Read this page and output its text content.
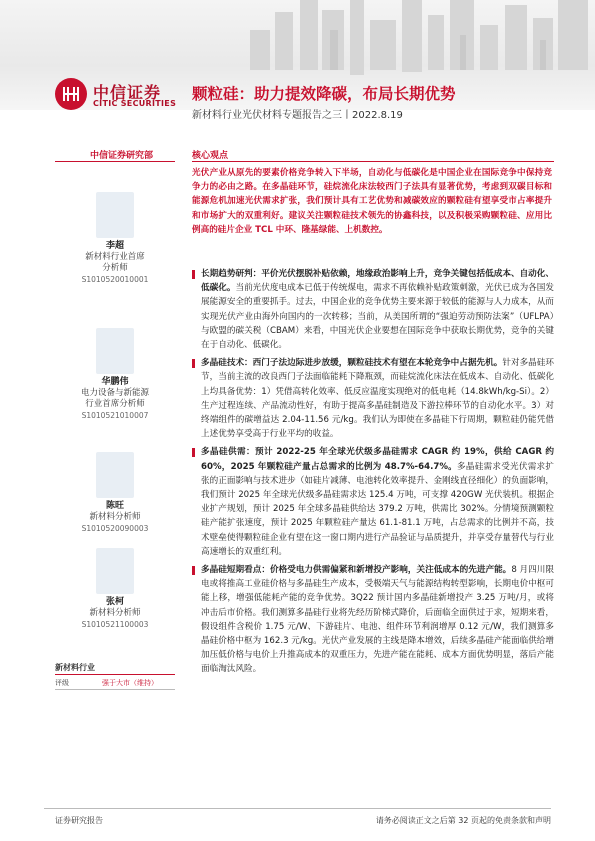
中信证券
CITIC SECURITIES
颗粒硅：助力提效降碳，布局长期优势
新材料行业光伏材料专题报告之三丨2022.8.19
中信证券研究部	核心观点
李超
新材料行业首席
分析师
S1010520010001
华鹏伟
电力设备与新能源
行业首席分析师
S1010521010007
陈旺
新材料分析师
S1010520090003
张柯
新材料分析师
S1010521100003
新材料行业
评级	强于大市（维持）
光伏产业从原先的要素价格竞争转入下半场，自动化与低碳化是中国企业在国际竞争中保持竞争力的必由之路。在多晶硅环节，硅烷流化床法较西门子法具有显著优势，考虑到双碳目标和能源危机加速光伏需求扩张，我们预计具有工艺优势和减碳效应的颗粒硅有望享受市占率提升和市场扩大的双重利好。建议关注颗粒硅技术领先的协鑫科技，以及积极采购颗粒硅、应用比例高的硅片企业 TCL 中环、隆基绿能、上机数控。
长期趋势研判：平价光伏摆脱补贴依赖，地缘政治影响上升，竞争关键包括低成本、自动化、低碳化。当前光伏度电成本已低于传统煤电，需求不再依赖补贴政策刺激，光伏已成为各国发展能源安全的重要抓手。过去，中国企业的竞争优势主要来源于较低的能源与人力成本，从而实现光伏产业由海外向国内的一次转移；当前，从美国所谓的“强迫劳动预防法案”（UFLPA）与欧盟的碳关税（CBAM）来看，中国光伏企业要想在国际竞争中获取长期优势，竞争的关键在于自动化、低碳化。
多晶硅技术：西门子法边际进步放缓，颗粒硅技术有望在本轮竞争中占据先机。针对多晶硅环节，当前主流的改良西门子法面临能耗下降瓶颈，而硅烷流化床法在低成本、自动化、低碳化上均具备优势：1）凭借高转化效率、低反应温度实现绝对的低电耗（14.8kWh/kg-Si）。2）生产过程连续、产品流动性好，有助于提高多晶硅制造及下游拉棒环节的自动化水平。3）对终端组件的碳增益达 2.04-11.56 元/kg。我们认为即使在多晶硅下行周期，颗粒硅仍能凭借上述优势享受高于行业平均的收益。
多晶硅供需：预计 2022-25 年全球光伏级多晶硅需求 CAGR 约 19%，供给 CAGR 约 60%，2025 年颗粒硅产量占总需求的比例为 48.7%-64.7%。多晶硅需求受光伏需求扩张的正面影响与技术进步（如硅片减薄、电池转化效率提升、金刚线直径细化）的负面影响，我们预计 2025 年全球光伏级多晶硅需求达 125.4 万吨，可支撑 420GW 光伏装机。根据企业扩产规划，预计 2025 年全球多晶硅供给达 379.2 万吨，供需比 302%。分情境预测颗粒硅产能扩张速度，预计 2025 年颗粒硅产量达 61.1-81.1 万吨，占总需求的比例并不高，技术壁垒使得颗粒硅企业有望在这一窗口期内进行产品验证与品质提升，并享受存量替代与行业高速增长的双重红利。
多晶硅短期看点：价格受电力供需偏紧和新增投产影响，关注低成本的先进产能。8 月四川限电或将推高工业硅价格与多晶硅生产成本，受极端天气与能源结构转型影响，长期电价中枢可能上移，增强低能耗产能的竞争优势。3Q22 预计国内多晶硅新增投产 3.25 万吨/月，或将冲击后市价格。我们测算多晶硅行业将先经历阶梯式降价，后面临全面供过于求，短期来看，假设组件含税价 1.75 元/W、下游硅片、电池、组件环节利润增厚 0.12 元/W，我们测算多晶硅价格中枢为 162.3 元/kg。光伏产业发展的主线是降本增效，后续多晶硅产能面临供给增加压低价格与电价上升推高成本的双重压力，先进产能在能耗、成本方面优势明显，落后产能面临淘汰风险。
证券研究报告	请务必阅读正文之后第 32 页起的免责条款和声明
